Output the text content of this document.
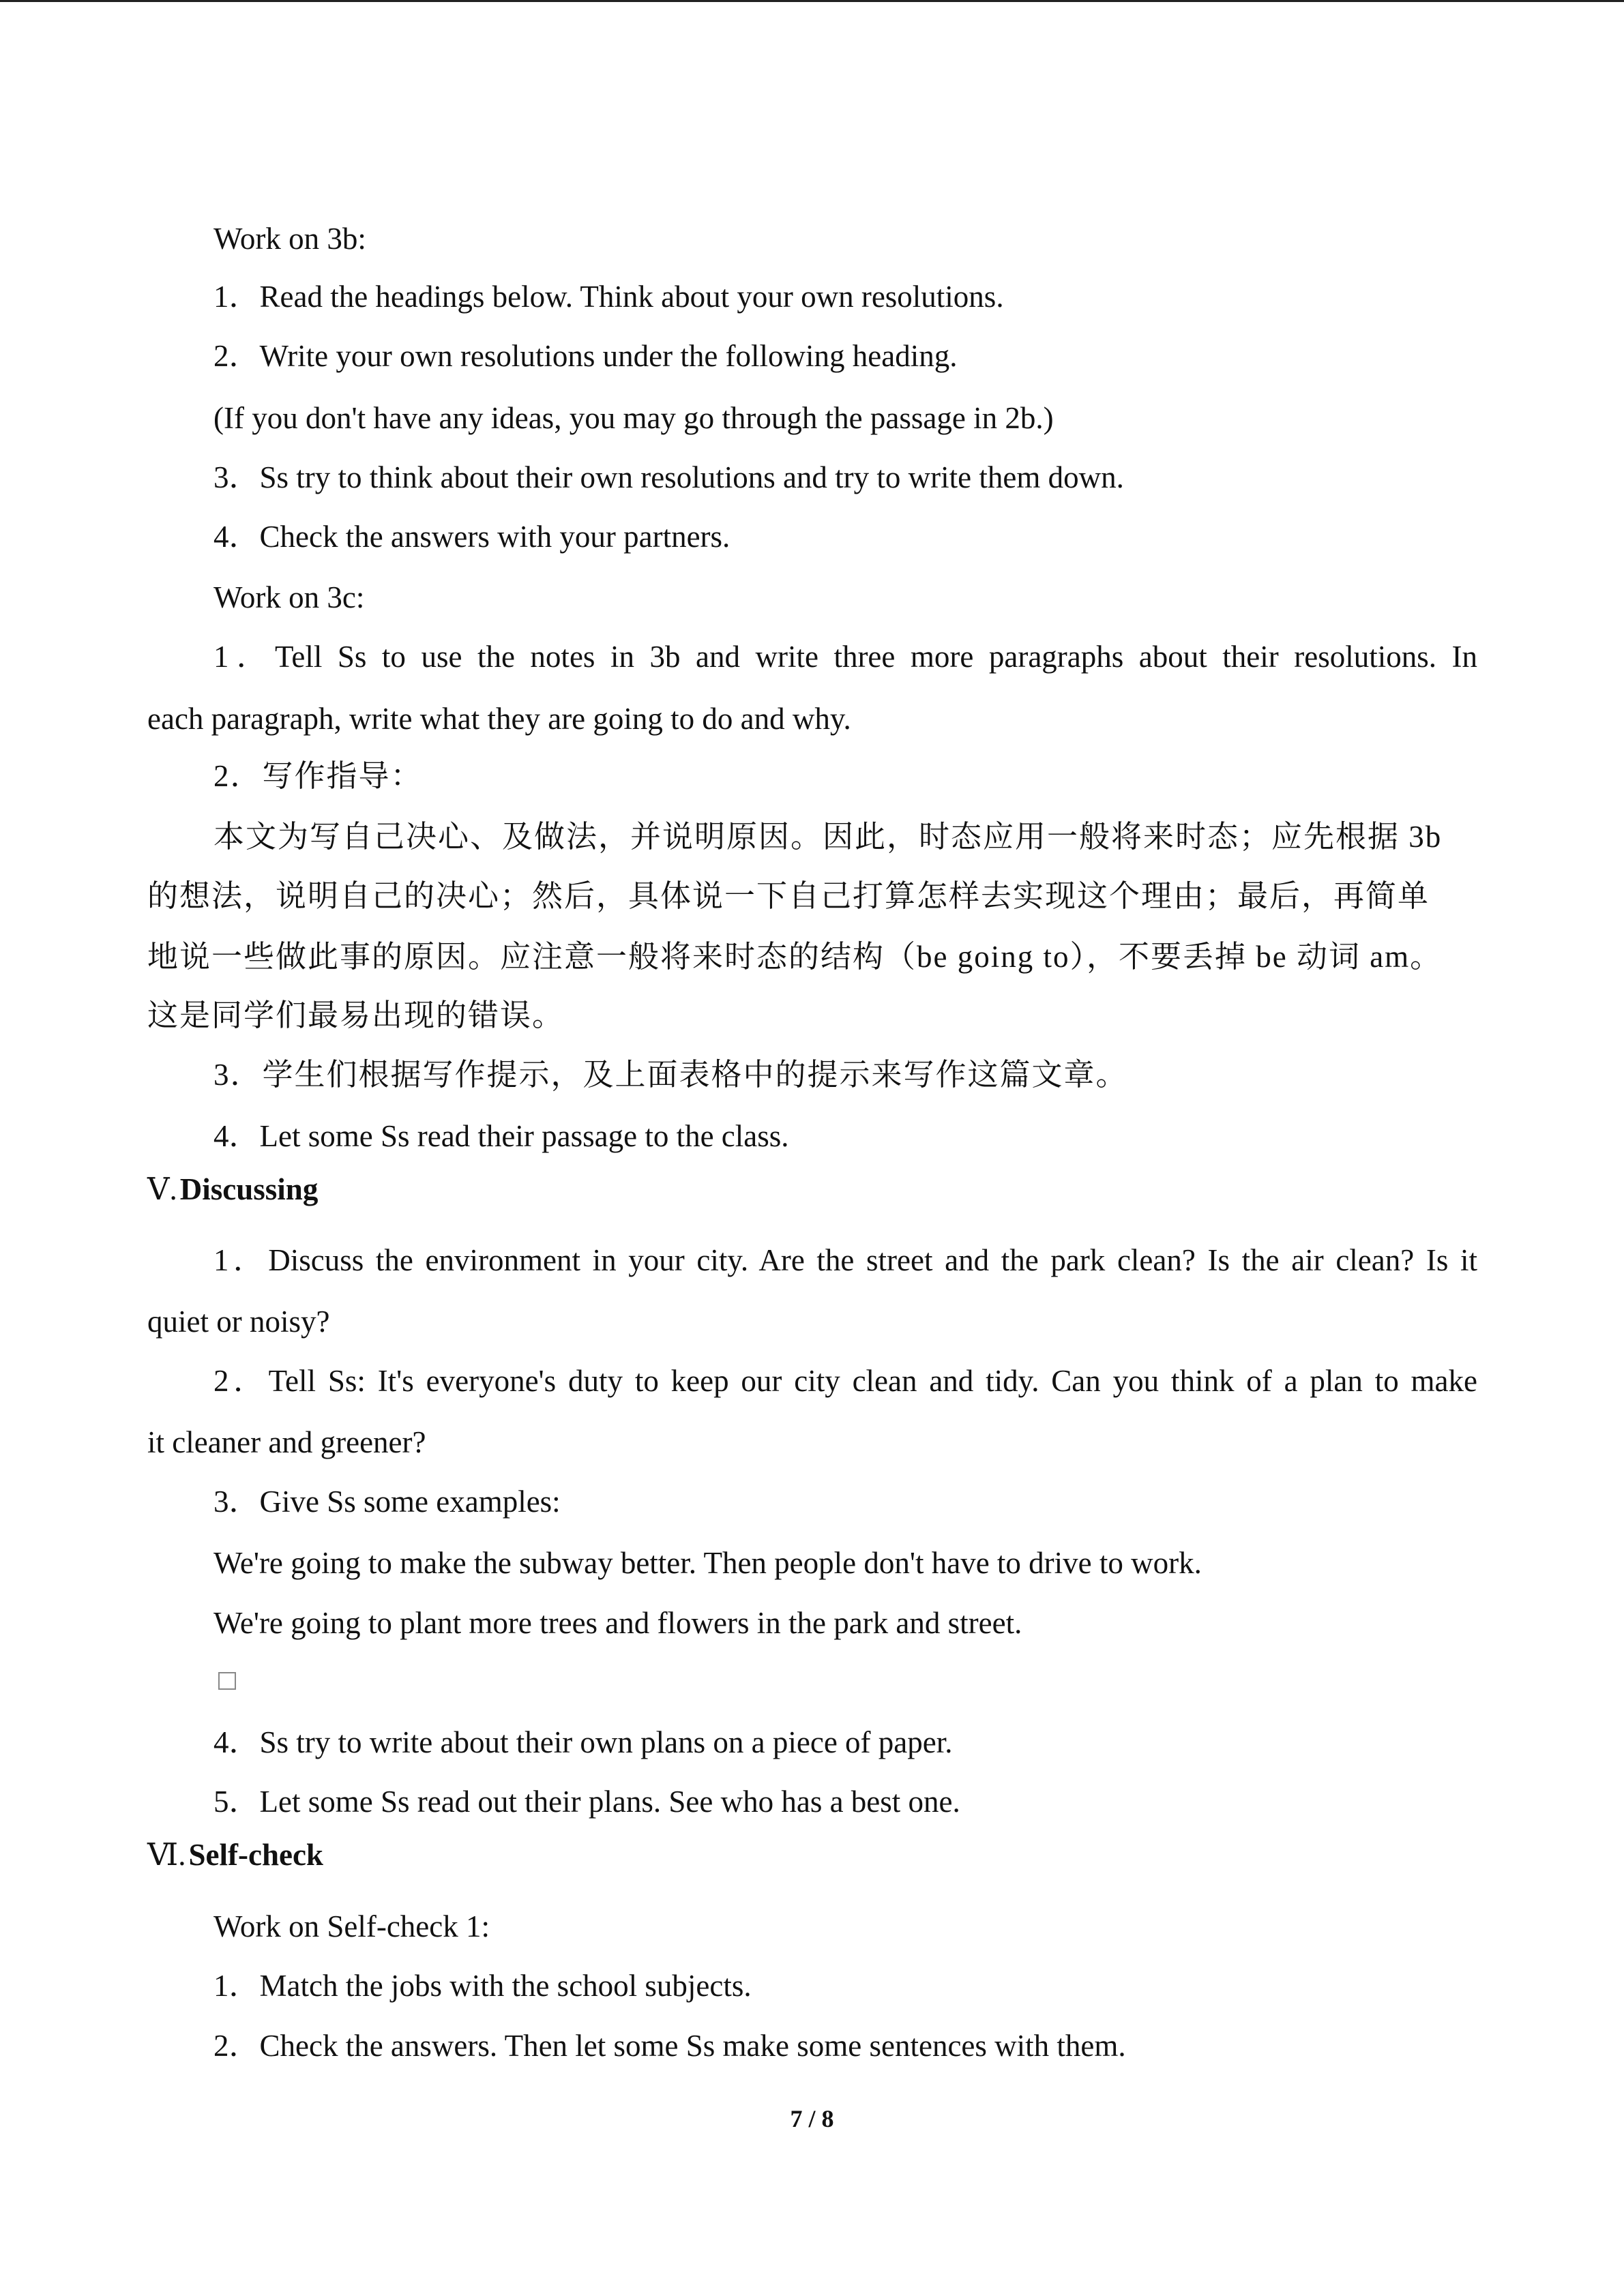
Work on 3b:
1．Read the headings below. Think about your own resolutions.
2．Write your own resolutions under the following heading.
(If you don't have any ideas, you may go through the passage in 2b.)
3．Ss try to think about their own resolutions and try to write them down.
4．Check the answers with your partners.
Work on 3c:
1．Tell Ss to use the notes in 3b and write three more paragraphs about their resolutions. In
each paragraph, write what they are going to do and why.
2．写作指导：
本文为写自己决心、及做法，并说明原因。因此，时态应用一般将来时态；应先根据 3b
的想法，说明自己的决心；然后，具体说一下自己打算怎样去实现这个理由；最后，再简单
地说一些做此事的原因。应注意一般将来时态的结构（be going to），不要丢掉 be 动词 am。
这是同学们最易出现的错误。
3．学生们根据写作提示，及上面表格中的提示来写作这篇文章。
4．Let some Ss read their passage to the class.
Ⅴ.Discussing
1．Discuss the environment in your city. Are the street and the park clean? Is the air clean? Is it
quiet or noisy?
2．Tell Ss: It's everyone's duty to keep our city clean and tidy. Can you think of a plan to make
it cleaner and greener?
3．Give Ss some examples:
We're going to make the subway better. Then people don't have to drive to work.
We're going to plant more trees and flowers in the park and street.
4．Ss try to write about their own plans on a piece of paper.
5．Let some Ss read out their plans. See who has a best one.
Ⅵ.Self-check
Work on Self-check 1:
1．Match the jobs with the school subjects.
2．Check the answers. Then let some Ss make some sentences with them.
7 / 8
